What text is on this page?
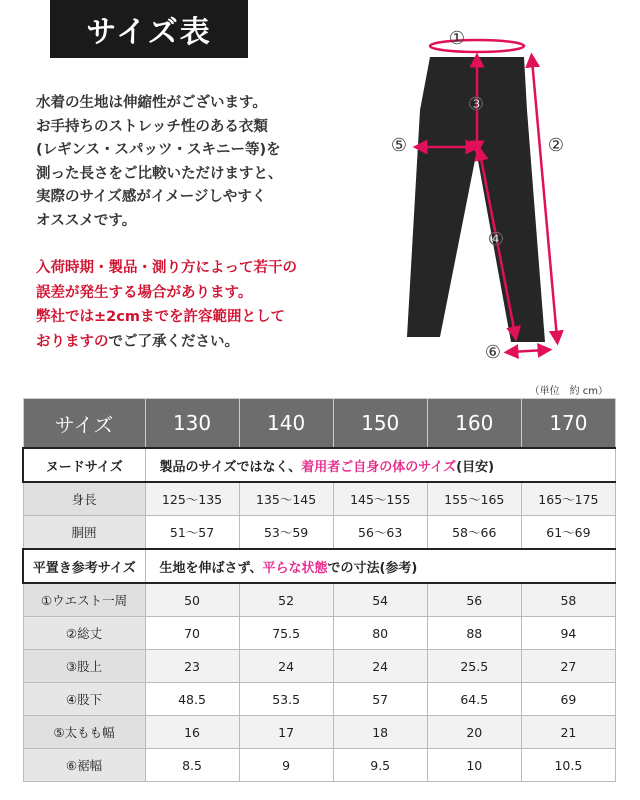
サイズ表
水着の生地は伸縮性がございます。
お手持ちのストレッチ性のある衣類
(レギンス・スパッツ・スキニー等)を
測った長さをご比較いただけますと、
実際のサイズ感がイメージしやすく
オススメです。
入荷時期・製品・測り方によって若干の
誤差が発生する場合があります。
弊社では±2cmまでを許容範囲として
おりますのでご了承ください。
①
②
③
④
⑤
⑥
（単位　約 cm）
サイズ	130	140	150	160	170
ヌードサイズ	製品のサイズではなく、着用者ご自身の体のサイズ(目安)				
身長	125～135	135～145	145～155	155～165	165～175
胴囲	51～57	53～59	56～63	58～66	61～69
平置き参考サイズ	生地を伸ばさず、平らな状態での寸法(参考)				
①ウエスト一周	50	52	54	56	58
②総丈	70	75.5	80	88	94
③股上	23	24	24	25.5	27
④股下	48.5	53.5	57	64.5	69
⑤太もも幅	16	17	18	20	21
⑥裾幅	8.5	9	9.5	10	10.5
